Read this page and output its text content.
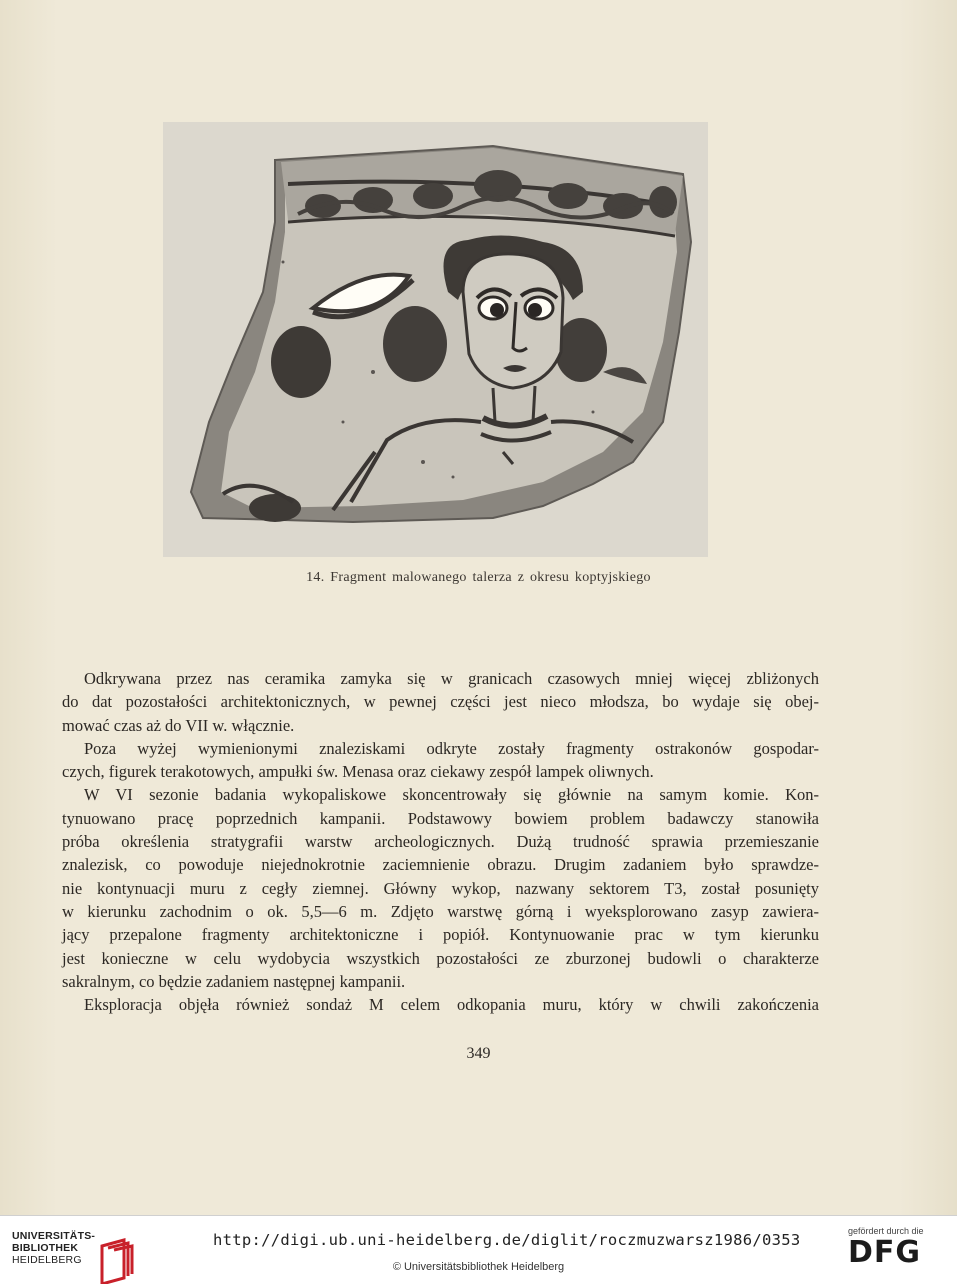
14. Fragment malowanego talerza z okresu koptyjskiego
Odkrywana przez nas ceramika zamyka się w granicach czasowych mniej więcej zbliżonych
do dat pozostałości architektonicznych, w pewnej części jest nieco młodsza, bo wydaje się obej-
mować czas aż do VII w. włącznie.
Poza wyżej wymienionymi znaleziskami odkryte zostały fragmenty ostrakonów gospodar-
czych, figurek terakotowych, ampułki św. Menasa oraz ciekawy zespół lampek oliwnych.
W VI sezonie badania wykopaliskowe skoncentrowały się głównie na samym komie. Kon-
tynuowano pracę poprzednich kampanii. Podstawowy bowiem problem badawczy stanowiła
próba określenia stratygrafii warstw archeologicznych. Dużą trudność sprawia przemieszanie
znalezisk, co powoduje niejednokrotnie zaciemnienie obrazu. Drugim zadaniem było sprawdze-
nie kontynuacji muru z cegły ziemnej. Główny wykop, nazwany sektorem T3, został posunięty
w kierunku zachodnim o ok. 5,5—6 m. Zdjęto warstwę górną i wyeksplorowano zasyp zawiera-
jący przepalone fragmenty architektoniczne i popiół. Kontynuowanie prac w tym kierunku
jest konieczne w celu wydobycia wszystkich pozostałości ze zburzonej budowli o charakterze
sakralnym, co będzie zadaniem następnej kampanii.
Eksploracja objęła również sondaż M celem odkopania muru, który w chwili zakończenia
349
UNIVERSITÄTS-
BIBLIOTHEK
HEIDELBERG
http://digi.ub.uni-heidelberg.de/diglit/roczmuzwarsz1986/0353
© Universitätsbibliothek Heidelberg
gefördert durch die
DFG
